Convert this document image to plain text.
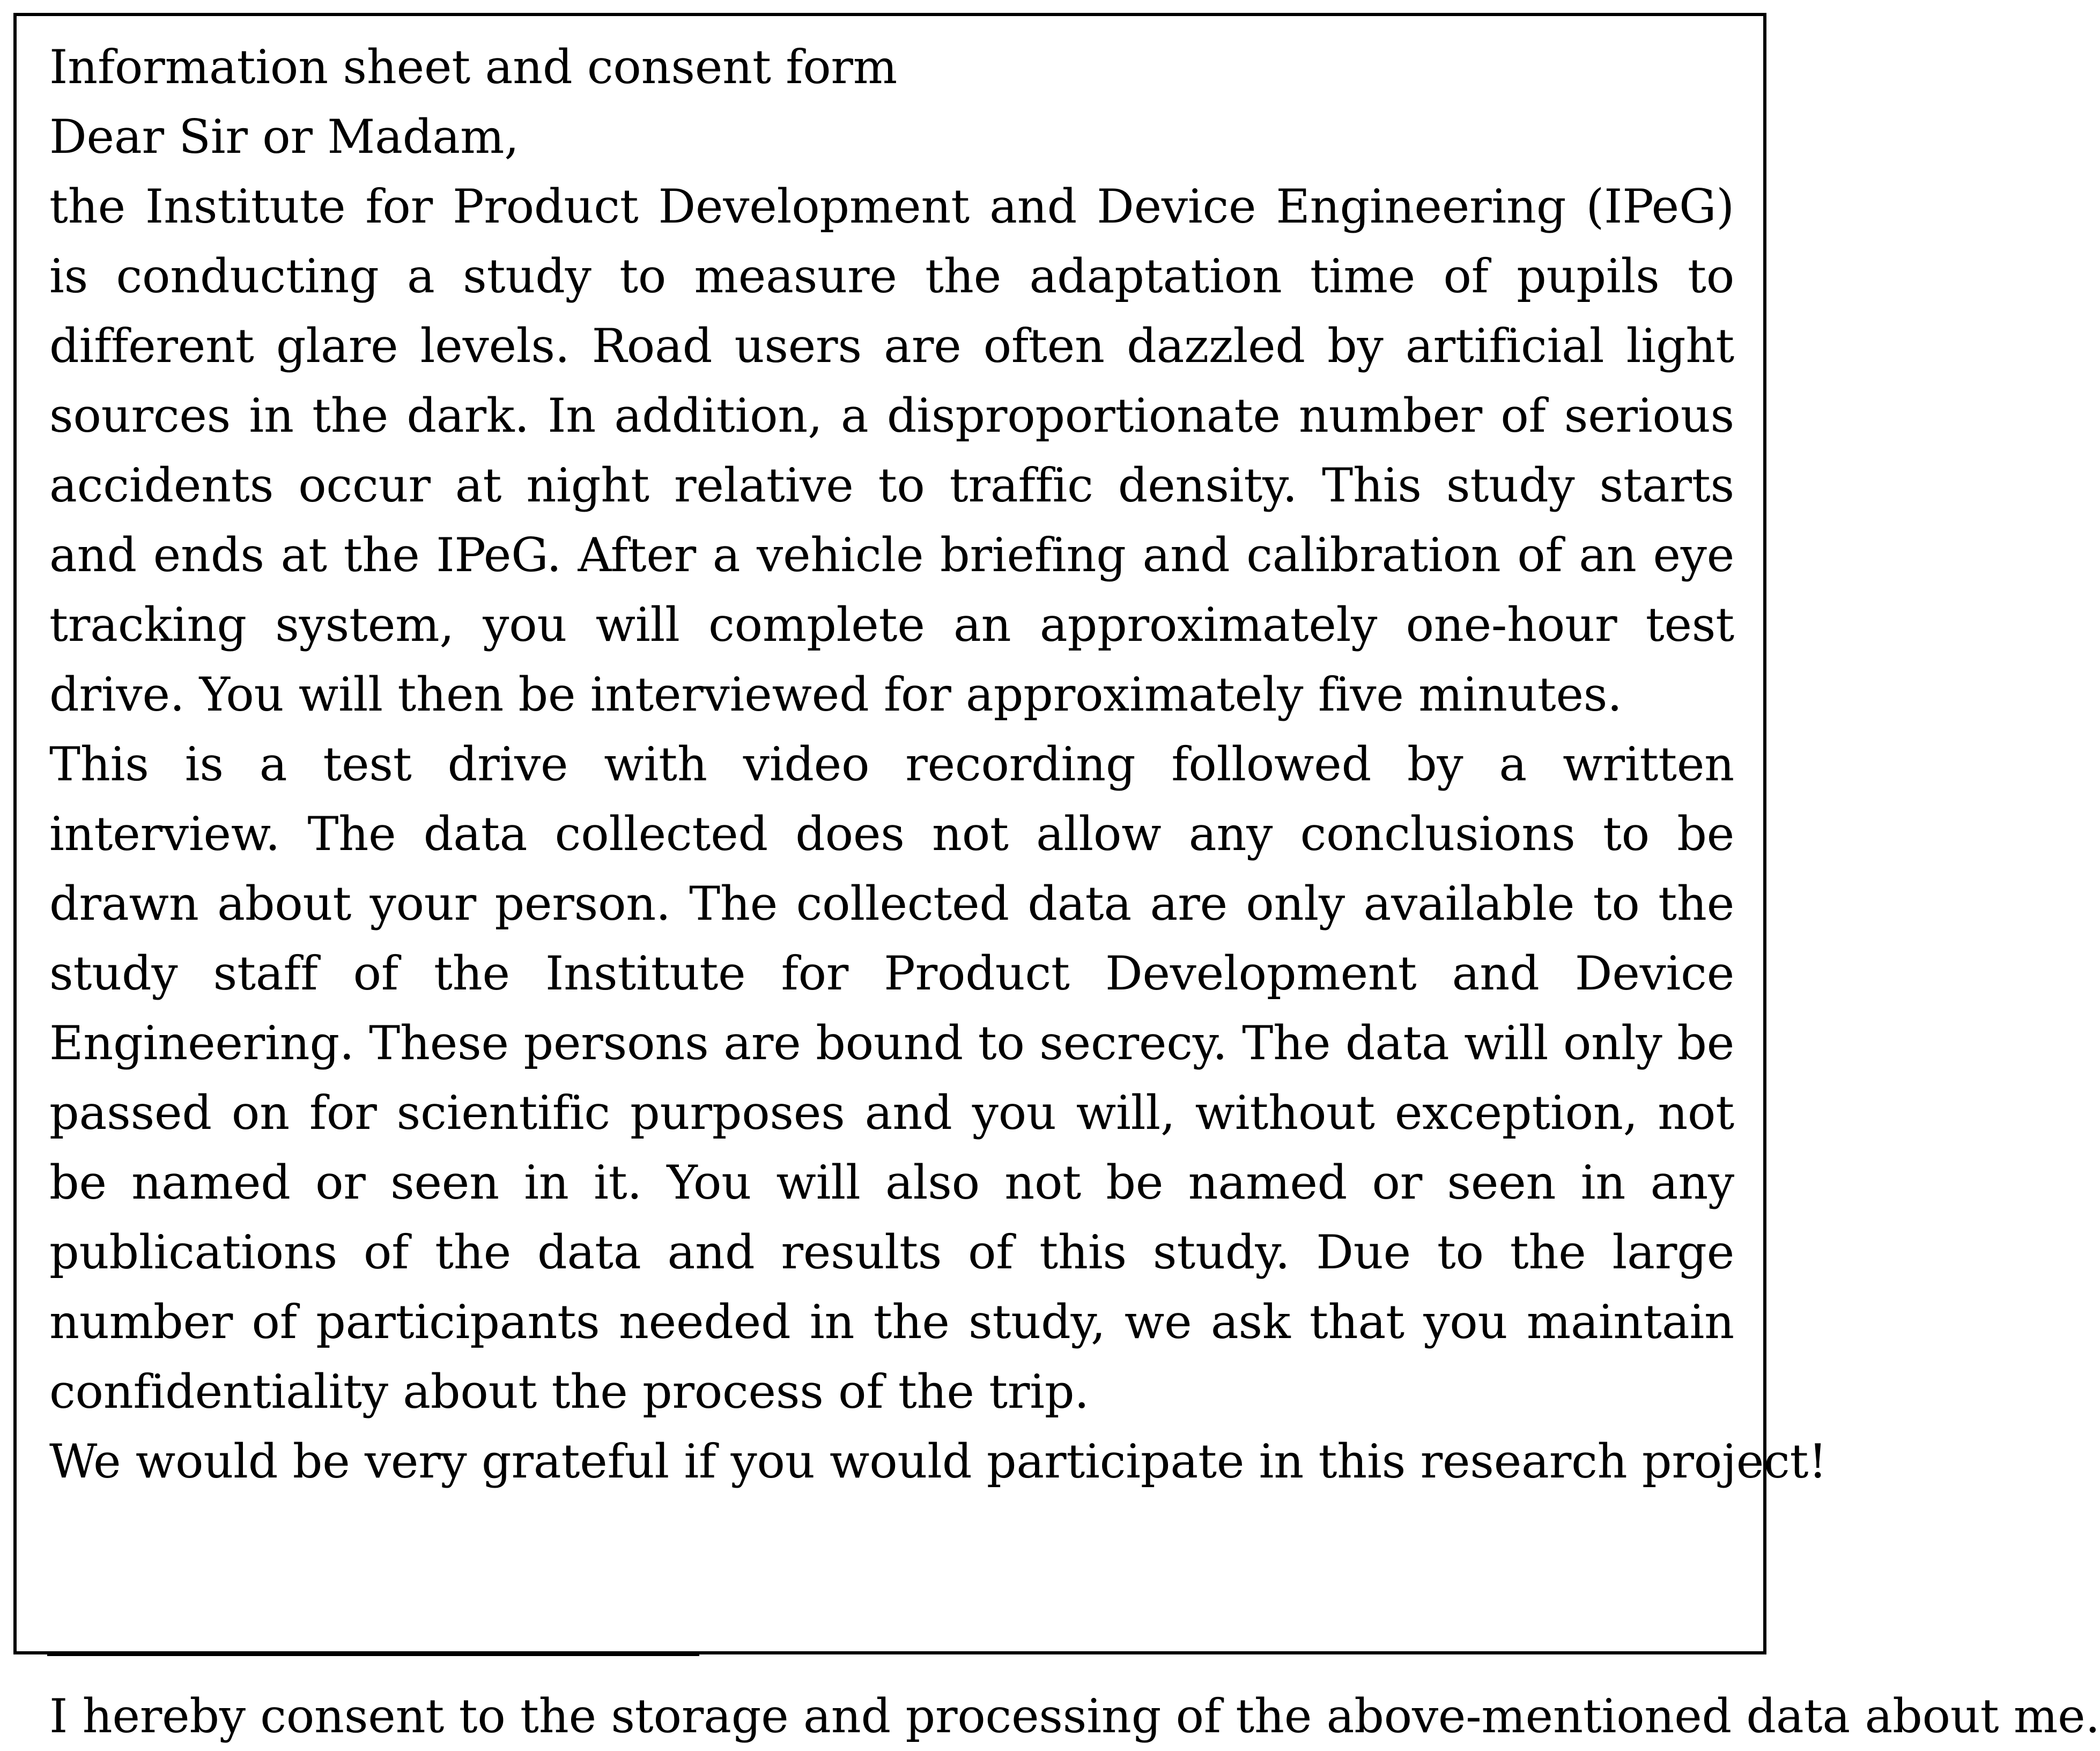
Information sheet and consent form
Dear Sir or Madam,
the Institute for Product Development and Device Engineering (IPeG) is conducting a study to measure the adaptation time of pupils to different glare levels. Road users are often dazzled by artificial light sources in the dark. In addition, a disproportionate number of serious accidents occur at night relative to traffic density. This study starts and ends at the IPeG. After a vehicle briefing and calibration of an eye tracking system, you will complete an approximately one-hour test drive. You will then be interviewed for approximately five minutes.
This is a test drive with video recording followed by a written interview. The data collected does not allow any conclusions to be drawn about your person. The collected data are only available to the study staff of the Institute for Product Development and Device Engineering. These persons are bound to secrecy. The data will only be passed on for scientific purposes and you will, without exception, not be named or seen in it. You will also not be named or seen in any publications of the data and results of this study. Due to the large number of participants needed in the study, we ask that you maintain confidentiality about the process of the trip.
We would be very grateful if you would participate in this research project!
I hereby consent to the storage and processing of the above-mentioned data about me.
